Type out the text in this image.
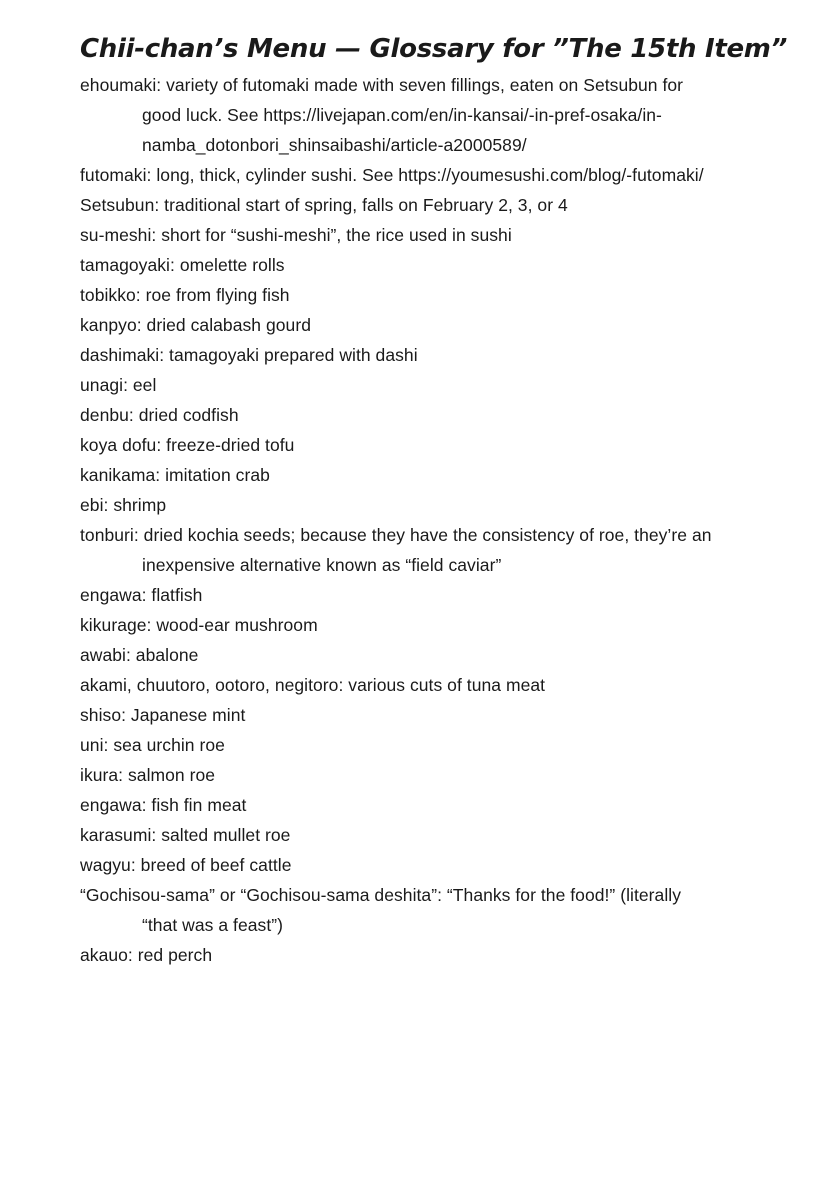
Chii-chan’s Menu — Glossary for ”The 15th Item”
ehoumaki: variety of futomaki made with seven fillings, eaten on Setsubun for good luck. See https://livejapan.com/en/in-kansai/-in-pref-osaka/in-namba_dotonbori_shinsaibashi/article-a2000589/
futomaki: long, thick, cylinder sushi. See https://youmesushi.com/blog/-futomaki/
Setsubun: traditional start of spring, falls on February 2, 3, or 4
su-meshi: short for “sushi-meshi”, the rice used in sushi
tamagoyaki: omelette rolls
tobikko: roe from flying fish
kanpyo: dried calabash gourd
dashimaki: tamagoyaki prepared with dashi
unagi: eel
denbu: dried codfish
koya dofu: freeze-dried tofu
kanikama: imitation crab
ebi: shrimp
tonburi: dried kochia seeds; because they have the consistency of roe, they’re an inexpensive alternative known as “field caviar”
engawa: flatfish
kikurage: wood-ear mushroom
awabi: abalone
akami, chuutoro, ootoro, negitoro: various cuts of tuna meat
shiso: Japanese mint
uni: sea urchin roe
ikura: salmon roe
engawa: fish fin meat
karasumi: salted mullet roe
wagyu: breed of beef cattle
“Gochisou-sama” or “Gochisou-sama deshita”: “Thanks for the food!” (literally “that was a feast”)
akauo: red perch
